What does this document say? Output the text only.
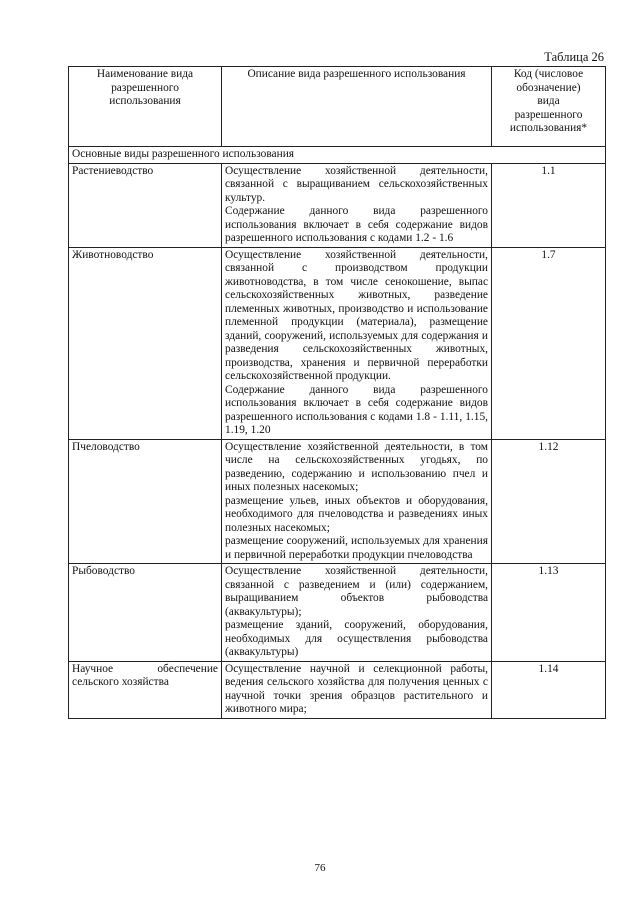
Таблица 26
Наименование вида
разрешенного
использования	Описание вида разрешенного использования	Код (числовое
обозначение)
вида
разрешенного
использования*

Основные виды разрешенного использования		
Растениеводство	Осуществление хозяйственной деятельности, связанной с выращиванием сельскохозяйственных культур.
Содержание данного вида разрешенного использования включает в себя содержание видов разрешенного использования с кодами 1.2 - 1.6	1.1
Животноводство	Осуществление хозяйственной деятельности, связанной с производством продукции животноводства, в том числе сенокошение, выпас сельскохозяйственных животных, разведение племенных животных, производство и использование племенной продукции (материала), размещение зданий, сооружений, используемых для содержания и разведения сельскохозяйственных животных, производства, хранения и первичной переработки сельскохозяйственной продукции.
Содержание данного вида разрешенного использования включает в себя содержание видов разрешенного использования с кодами 1.8 - 1.11, 1.15, 1.19, 1.20	1.7
Пчеловодство	Осуществление хозяйственной деятельности, в том числе на сельскохозяйственных угодьях, по разведению, содержанию и использованию пчел и иных полезных насекомых;
размещение ульев, иных объектов и оборудования, необходимого для пчеловодства и разведениях иных полезных насекомых;
размещение сооружений, используемых для хранения и первичной переработки продукции пчеловодства	1.12
Рыбоводство	Осуществление хозяйственной деятельности, связанной с разведением и (или) содержанием, выращиванием объектов рыбоводства (аквакультуры);
размещение зданий, сооружений, оборудования, необходимых для осуществления рыбоводства (аквакультуры)	1.13
Научное обеспечение сельского хозяйства	Осуществление научной и селекционной работы, ведения сельского хозяйства для получения ценных с научной точки зрения образцов растительного и животного мира;	1.14
76
